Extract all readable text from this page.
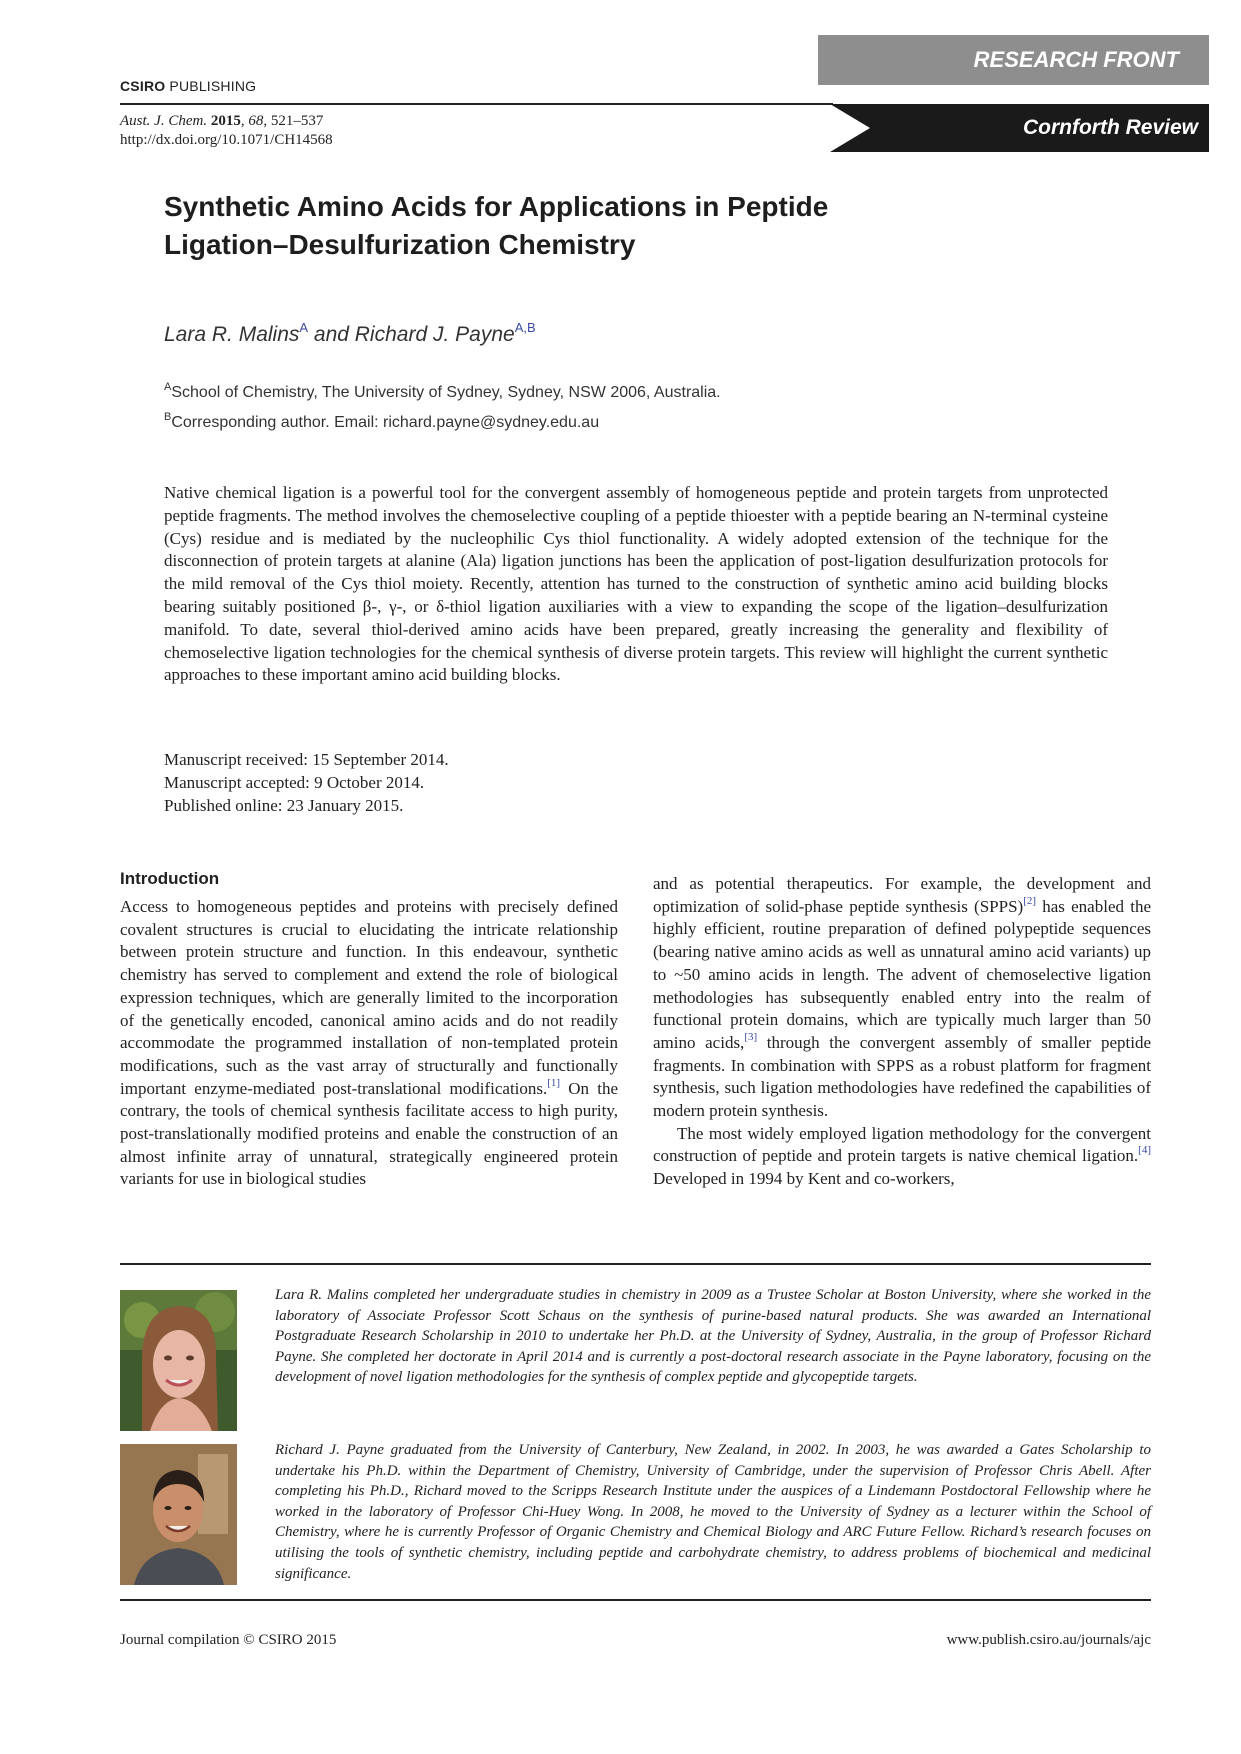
RESEARCH FRONT
CSIRO PUBLISHING
Cornforth Review
Aust. J. Chem. 2015, 68, 521–537
http://dx.doi.org/10.1071/CH14568
Synthetic Amino Acids for Applications in Peptide
Ligation–Desulfurization Chemistry
Lara R. Malins$^A$ and Richard J. Payne$^{A,B}$
$^A$School of Chemistry, The University of Sydney, Sydney, NSW 2006, Australia.
$^B$Corresponding author. Email: richard.payne@sydney.edu.au

Native chemical ligation is a powerful tool for the convergent assembly of homogeneous peptide and protein targets from unprotected peptide fragments. The method involves the chemoselective coupling of a peptide thioester with a peptide bearing an N-terminal cysteine (Cys) residue and is mediated by the nucleophilic Cys thiol functionality. A widely adopted extension of the technique for the disconnection of protein targets at alanine (Ala) ligation junctions has been the application of post-ligation desulfurization protocols for the mild removal of the Cys thiol moiety. Recently, attention has turned to the construction of synthetic amino acid building blocks bearing suitably positioned β-, γ-, or δ-thiol ligation auxiliaries with a view to expanding the scope of the ligation–desulfurization manifold. To date, several thiol-derived amino acids have been prepared, greatly increasing the generality and flexibility of chemoselective ligation technologies for the chemical synthesis of diverse protein targets. This review will highlight the current synthetic approaches to these important amino acid building blocks.

Manuscript received: 15 September 2014.
Manuscript accepted: 9 October 2014.
Published online: 23 January 2015.
Introduction

Access to homogeneous peptides and proteins with precisely defined covalent structures is crucial to elucidating the intricate relationship between protein structure and function. In this endeavour, synthetic chemistry has served to complement and extend the role of biological expression techniques, which are generally limited to the incorporation of the genetically encoded, canonical amino acids and do not readily accommodate the programmed installation of non-templated protein modifications, such as the vast array of structurally and functionally important enzyme-mediated post-translational modifications.[1] On the contrary, the tools of chemical synthesis facilitate access to high purity, post-translationally modified proteins and enable the construction of an almost infinite array of unnatural, strategically engineered protein variants for use in biological studies

and as potential therapeutics. For example, the development and optimization of solid-phase peptide synthesis (SPPS)[2] has enabled the highly efficient, routine preparation of defined polypeptide sequences (bearing native amino acids as well as unnatural amino acid variants) up to ~50 amino acids in length. The advent of chemoselective ligation methodologies has subsequently enabled entry into the realm of functional protein domains, which are typically much larger than 50 amino acids,[3] through the convergent assembly of smaller peptide fragments. In combination with SPPS as a robust platform for fragment synthesis, such ligation methodologies have redefined the capabilities of modern protein synthesis.

The most widely employed ligation methodology for the convergent construction of peptide and protein targets is native chemical ligation.[4] Developed in 1994 by Kent and co-workers,

Lara R. Malins completed her undergraduate studies in chemistry in 2009 as a Trustee Scholar at Boston University, where she worked in the laboratory of Associate Professor Scott Schaus on the synthesis of purine-based natural products. She was awarded an International Postgraduate Research Scholarship in 2010 to undertake her Ph.D. at the University of Sydney, Australia, in the group of Professor Richard Payne. She completed her doctorate in April 2014 and is currently a post-doctoral research associate in the Payne laboratory, focusing on the development of novel ligation methodologies for the synthesis of complex peptide and glycopeptide targets.

Richard J. Payne graduated from the University of Canterbury, New Zealand, in 2002. In 2003, he was awarded a Gates Scholarship to undertake his Ph.D. within the Department of Chemistry, University of Cambridge, under the supervision of Professor Chris Abell. After completing his Ph.D., Richard moved to the Scripps Research Institute under the auspices of a Lindemann Postdoctoral Fellowship where he worked in the laboratory of Professor Chi-Huey Wong. In 2008, he moved to the University of Sydney as a lecturer within the School of Chemistry, where he is currently Professor of Organic Chemistry and Chemical Biology and ARC Future Fellow. Richard’s research focuses on utilising the tools of synthetic chemistry, including peptide and carbohydrate chemistry, to address problems of biochemical and medicinal significance.

Journal compilation © CSIRO 2015	www.publish.csiro.au/journals/ajc
